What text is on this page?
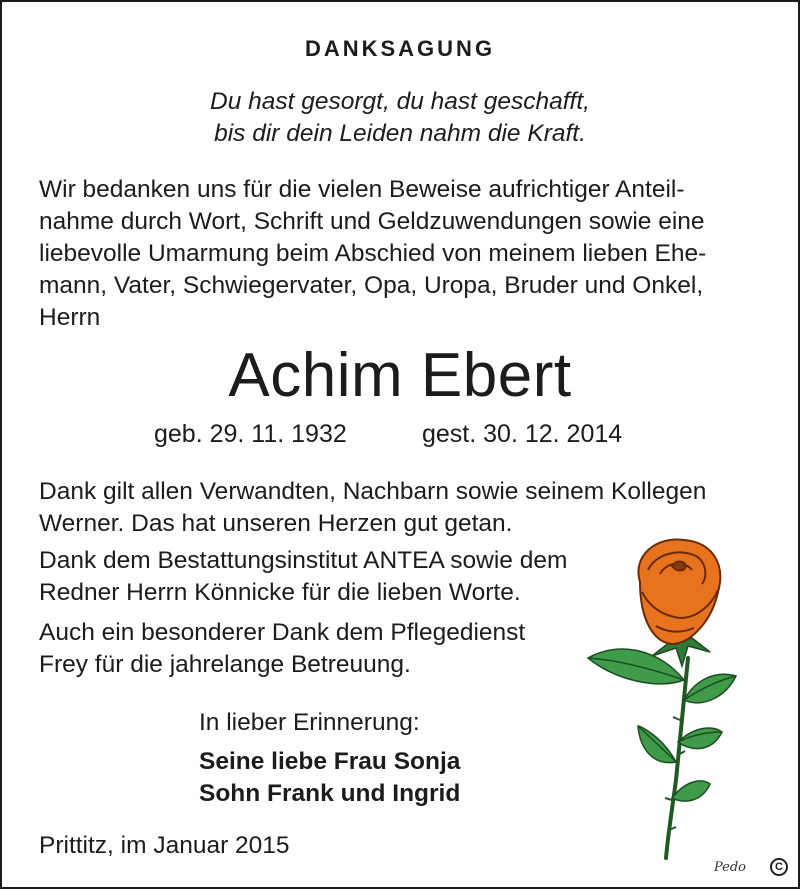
DANKSAGUNG
Du hast gesorgt, du hast geschafft,
bis dir dein Leiden nahm die Kraft.
Wir bedanken uns für die vielen Beweise aufrichtiger Anteil-
nahme durch Wort, Schrift und Geldzuwendungen sowie eine
liebevolle Umarmung beim Abschied von meinem lieben Ehe-
mann, Vater, Schwiegervater, Opa, Uropa, Bruder und Onkel,
Herrn
Achim Ebert
geb. 29. 11. 1932	gest. 30. 12. 2014
Dank gilt allen Verwandten, Nachbarn sowie seinem Kollegen
Werner. Das hat unseren Herzen gut getan.
Dank dem Bestattungsinstitut ANTEA sowie dem
Redner Herrn Könnicke für die lieben Worte.
Auch ein besonderer Dank dem Pflegedienst
Frey für die jahrelange Betreuung.
In lieber Erinnerung:
Seine liebe Frau Sonja
Sohn Frank und Ingrid
Prittitz, im Januar 2015
Pedo	C
